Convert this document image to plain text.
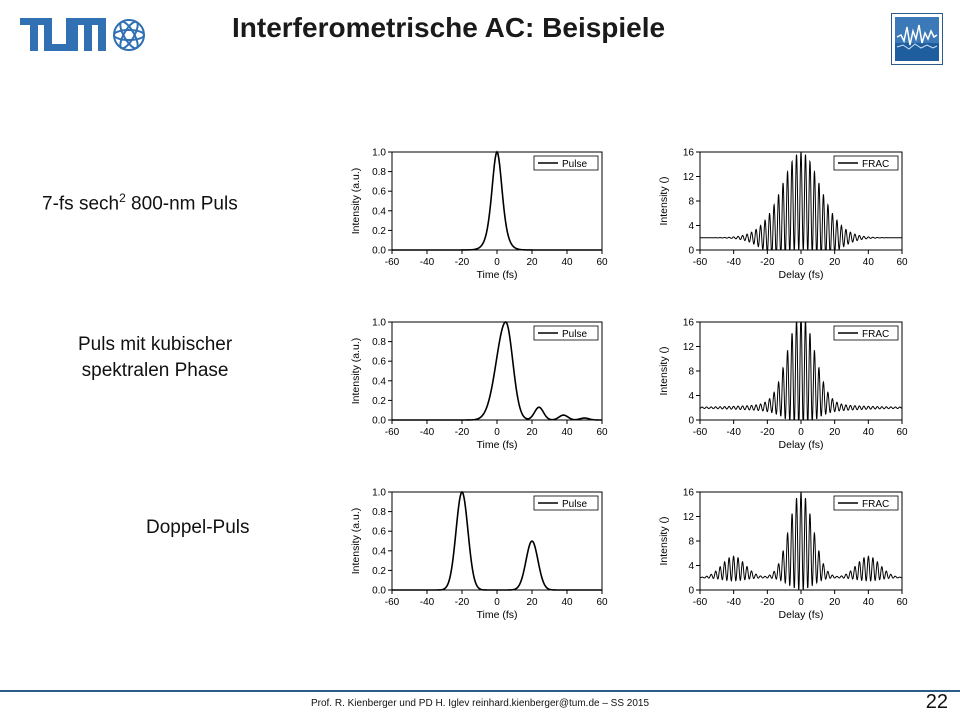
Interferometrische AC: Beispiele
7-fs sech$^2$ 800-nm Puls
Puls mit kubischer
spektralen Phase
Doppel-Puls
-60 -40 -20 0	20 40 60
0.0
0.2
0.4
0.6
0.8
1.0
Time (fs)
Intensity (a.u.)
Pulse
-60 -40 -20 0	20 40 60
0
4
8
12
16
Delay (fs)
Intensity ()
FRAC
-60 -40 -20 0	20 40 60
0.0
0.2
0.4
0.6
0.8
1.0
Time (fs)
Intensity (a.u.)
Pulse
-60 -40 -20 0	20 40 60
0
4
8
12
16
Delay (fs)
Intensity ()
FRAC
-60 -40 -20 0	20 40 60
0.0
0.2
0.4
0.6
0.8
1.0
Time (fs)
Intensity (a.u.)
Pulse
-60 -40 -20 0	20 40 60
0
4
8
12
16
Delay (fs)
Intensity ()
FRAC
Prof. R. Kienberger und PD H. Iglev reinhard.kienberger@tum.de – SS 2015	22
